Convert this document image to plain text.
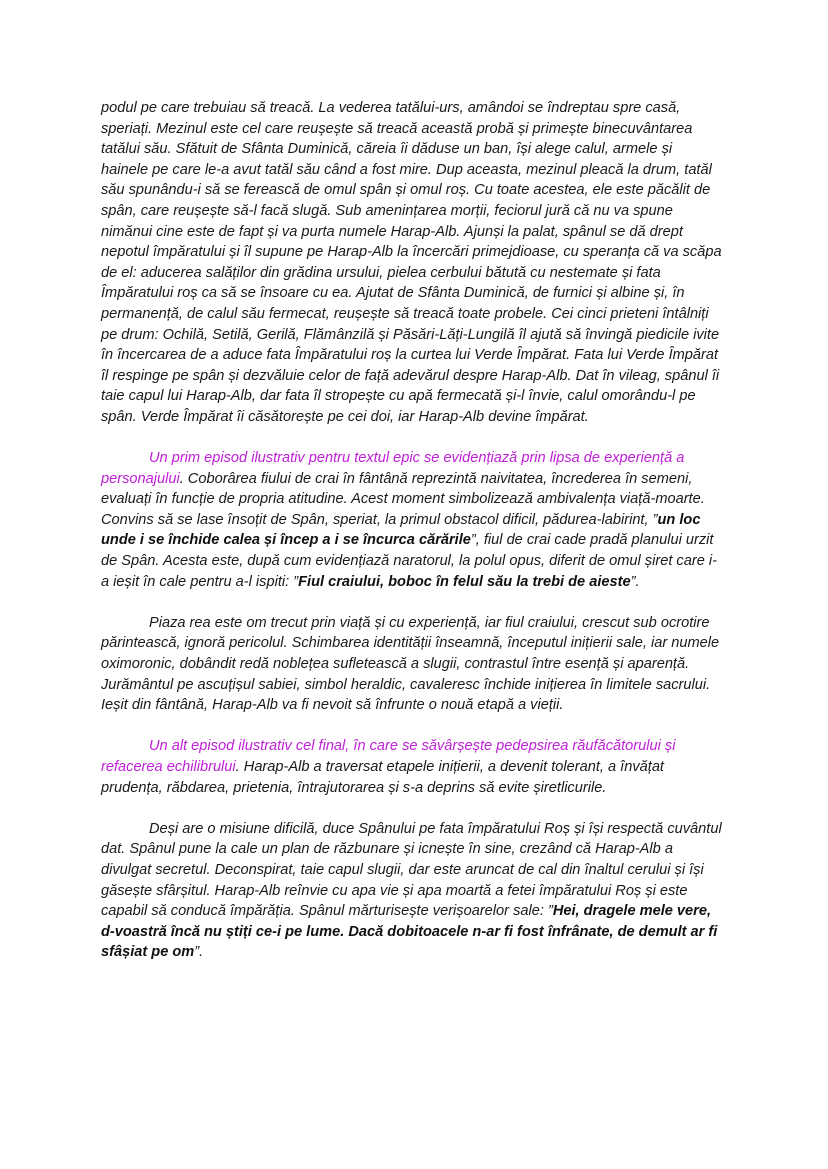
podul pe care trebuiau să treacă. La vederea tatălui-urs, amândoi se îndreptau spre casă, speriați. Mezinul este cel care reușește să treacă această probă și primește binecuvântarea tatălui său. Sfătuit de Sfânta Duminică, căreia îi dăduse un ban, își alege calul, armele și hainele pe care le-a avut tatăl său când a fost mire. Dup aceasta, mezinul pleacă la drum, tatăl său spunându-i să se ferească de omul spân și omul roș. Cu toate acestea, ele este păcălit de spân, care reușește să-l facă slugă. Sub amenințarea morții, feciorul jură că nu va spune nimănui cine este de fapt și va purta numele Harap-Alb. Ajunși la palat, spânul se dă drept nepotul împăratului și îl supune pe Harap-Alb la încercări primejdioase, cu speranța că va scăpa de el: aducerea salăților din grădina ursului, pielea cerbului bătută cu nestemate și fata Împăratului roș ca să se însoare cu ea. Ajutat de Sfânta Duminică, de furnici și albine și, în permanență, de calul său fermecat, reușește să treacă toate probele. Cei cinci prieteni întâlniți pe drum: Ochilă, Setilă, Gerilă, Flămânzilă și Păsări-Lăți-Lungilă îl ajută să învingă piedicile ivite în încercarea de a aduce fata Împăratului roș la curtea lui Verde Împărat. Fata lui Verde Împărat îl respinge pe spân și dezvăluie celor de față adevărul despre Harap-Alb. Dat în vileag, spânul îi taie capul lui Harap-Alb, dar fata îl stropește cu apă fermecată și-l învie, calul omorându-l pe spân. Verde Împărat îi căsătorește pe cei doi, iar Harap-Alb devine împărat.

Un prim episod ilustrativ pentru textul epic se evidențiază prin lipsa de experiență a personajului. Coborârea fiului de crai în fântână reprezintă naivitatea, încrederea în semeni, evaluați în funcție de propria atitudine. Acest moment simbolizează ambivalența viață-moarte. Convins să se lase însoțit de Spân, speriat, la primul obstacol dificil, pădurea-labirint, ”un loc unde i se închide calea și încep a i se încurca cărările”, fiul de crai cade pradă planului urzit de Spân. Acesta este, după cum evidențiază naratorul, la polul opus, diferit de omul șiret care i-a ieșit în cale pentru a-l ispiti: ”Fiul craiului, boboc în felul său la trebi de aieste”.

Piaza rea este om trecut prin viață și cu experiență, iar fiul craiului, crescut sub ocrotire părintească, ignoră pericolul. Schimbarea identității înseamnă, începutul inițierii sale, iar numele oximoronic, dobândit redă noblețea sufletească a slugii, contrastul între esență și aparență. Jurământul pe ascuțișul sabiei, simbol heraldic, cavaleresc închide inițierea în limitele sacrului. Ieșit din fântână, Harap-Alb va fi nevoit să înfrunte o nouă etapă a vieții.

Un alt episod ilustrativ cel final, în care se săvârșește pedepsirea răufăcătorului și refacerea echilibrului. Harap-Alb a traversat etapele inițierii, a devenit tolerant, a învățat prudența, răbdarea, prietenia, întrajutorarea și s-a deprins să evite șiretlicurile.

Deși are o misiune dificilă, duce Spânului pe fata împăratului Roș și își respectă cuvântul dat. Spânul pune la cale un plan de răzbunare și icnește în sine, crezând că Harap-Alb a divulgat secretul. Deconspirat, taie capul slugii, dar este aruncat de cal din înaltul cerului și își găsește sfârșitul. Harap-Alb reînvie cu apa vie și apa moartă a fetei împăratului Roș și este capabil să conducă împărăția. Spânul mărturisește verișoarelor sale: ”Hei, dragele mele vere, d-voastră încă nu știți ce-i pe lume. Dacă dobitoacele n-ar fi fost înfrânate, de demult ar fi sfâșiat pe om”.
